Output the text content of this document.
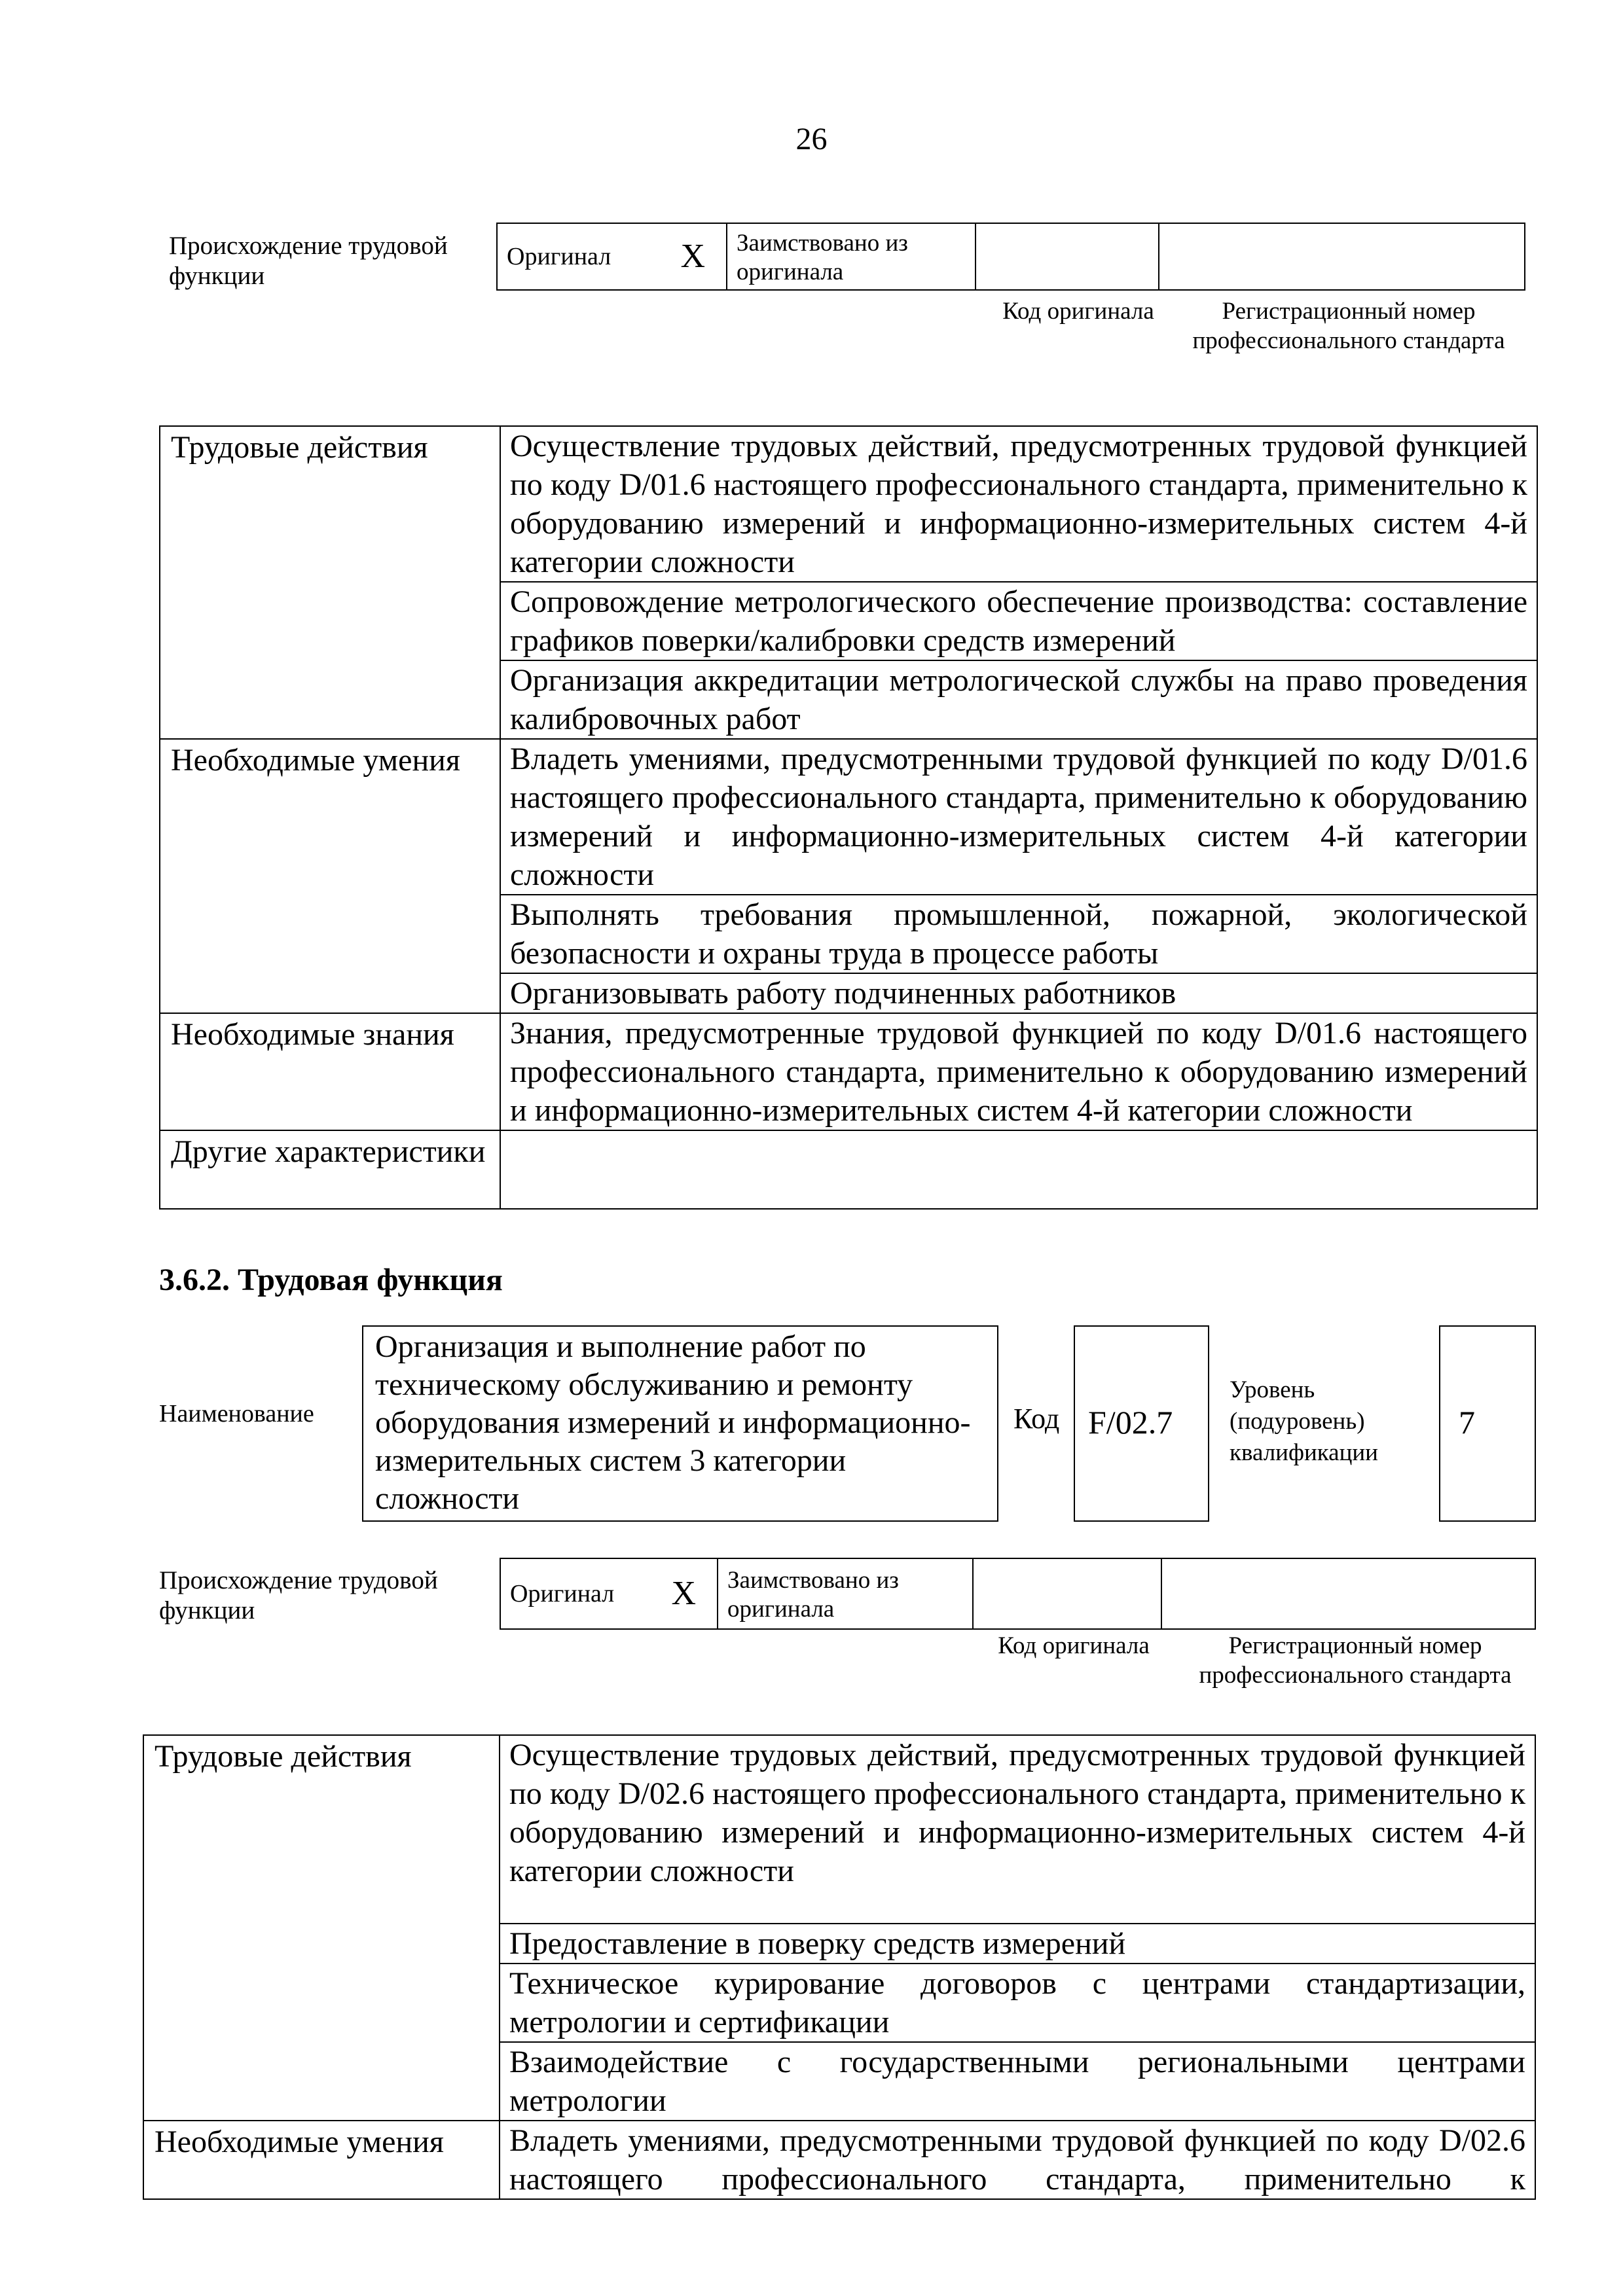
26
Происхождение трудовой функции
Оригинал	X	Заимствовано из оригинала		
Код оригинала	Регистрационный номер профессионального стандарта
Трудовые действия	Осуществление трудовых действий, предусмотренных трудовой функцией по коду D/01.6 настоящего профессионального стандарта, применительно к оборудованию измерений и информационно-измерительных систем 4-й категории сложности
	Сопровождение метрологического обеспечение производства: составление графиков поверки/калибровки средств измерений
	Организация аккредитации метрологической службы на право проведения калибровочных работ
Необходимые умения	Владеть умениями, предусмотренными трудовой функцией по коду D/01.6 настоящего профессионального стандарта, применительно к оборудованию измерений и информационно-измерительных систем 4-й категории сложности
	Выполнять требования промышленной, пожарной, экологической безопасности и охраны труда в процессе работы
	Организовывать работу подчиненных работников
Необходимые знания	Знания, предусмотренные трудовой функцией по коду D/01.6 настоящего профессионального стандарта, применительно к оборудованию измерений и информационно-измерительных систем 4-й категории сложности
Другие характеристики	
3.6.2. Трудовая функция
Наименование
Организация и выполнение работ по техническому обслуживанию и ремонту оборудования измерений и информационно-измерительных систем 3 категории сложности
Код F/02.7
Уровень (подуровень) квалификации
7
Происхождение трудовой функции
Оригинал	X	Заимствовано из оригинала		
Код оригинала	Регистрационный номер профессионального стандарта
Трудовые действия	Осуществление трудовых действий, предусмотренных трудовой функцией по коду D/02.6 настоящего профессионального стандарта, применительно к оборудованию измерений и информационно-измерительных систем 4-й категории сложности
	Предоставление в поверку средств измерений
	Техническое курирование договоров с центрами стандартизации, метрологии и сертификации
	Взаимодействие с государственными региональными центрами метрологии
Необходимые умения	Владеть умениями, предусмотренными трудовой функцией по коду D/02.6 настоящего профессионального стандарта, применительно к
